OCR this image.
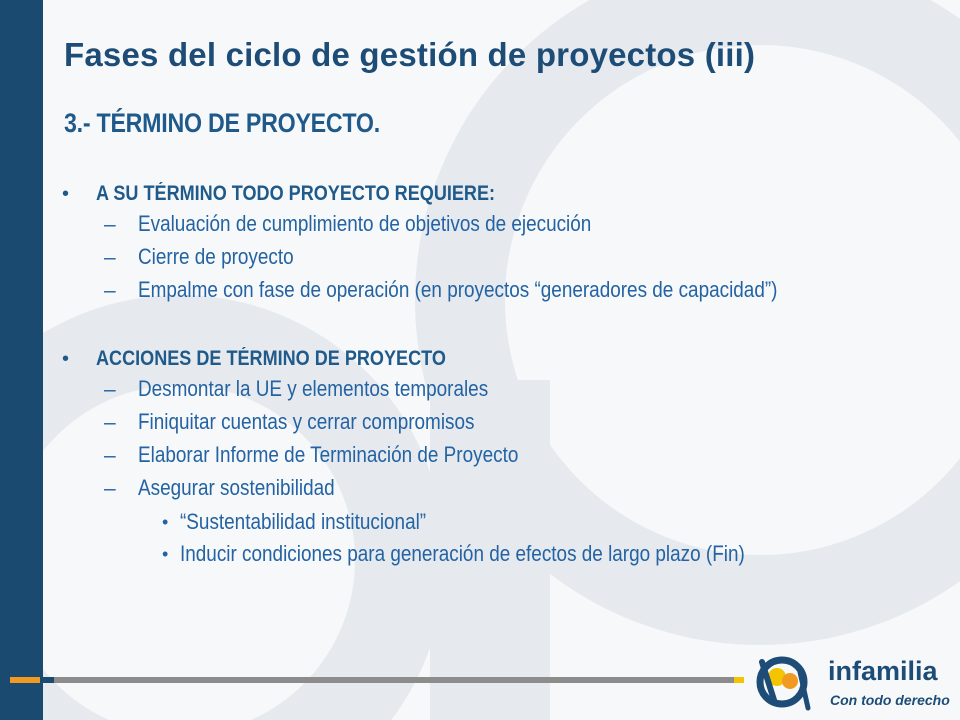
Fases del ciclo de gestión de proyectos (iii)
3.- TÉRMINO DE PROYECTO.
•	A SU TÉRMINO TODO PROYECTO REQUIERE:
–	Evaluación de cumplimiento de objetivos de ejecución
–	Cierre de proyecto
–	Empalme con fase de operación (en proyectos “generadores de capacidad”)
•	ACCIONES DE TÉRMINO DE PROYECTO
–	Desmontar la UE y elementos temporales
–	Finiquitar cuentas y cerrar compromisos
–	Elaborar Informe de Terminación de Proyecto
–	Asegurar sostenibilidad
• “Sustentabilidad institucional”
• Inducir condiciones para generación de efectos de largo plazo (Fin)
infamilia
Con todo derecho
